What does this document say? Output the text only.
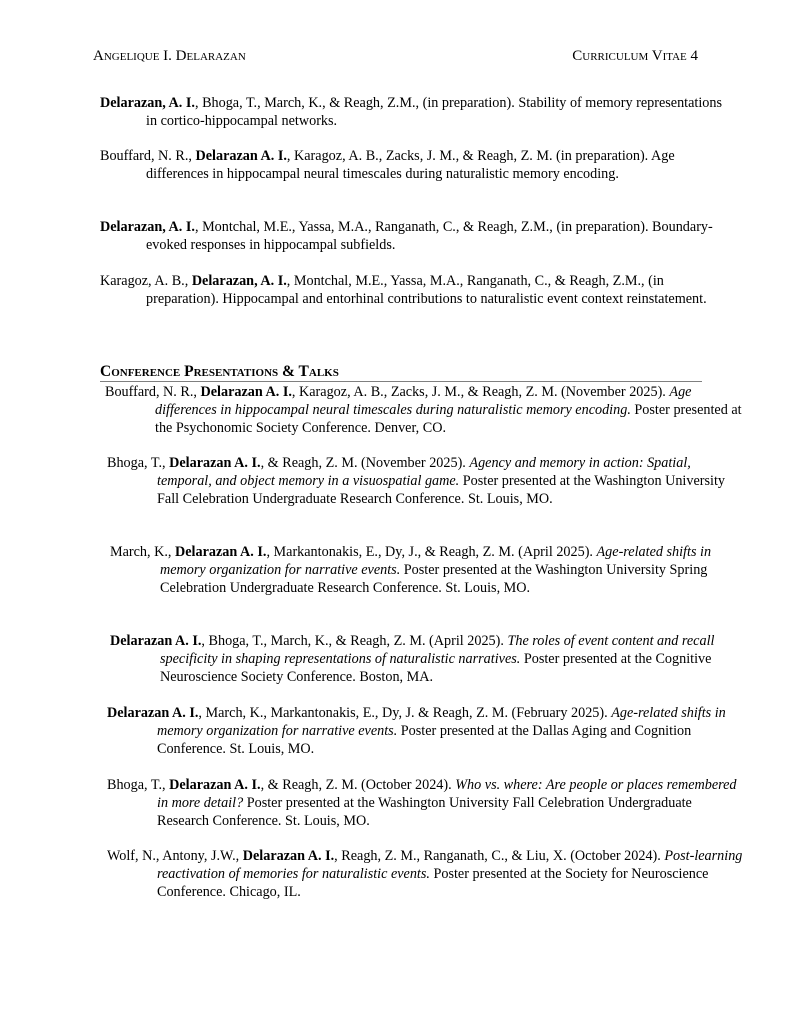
Angelique I. Delarazan	Curriculum Vitae 4

Delarazan, A. I., Bhoga, T., March, K., & Reagh, Z.M., (in preparation). Stability of memory representations in cortico-hippocampal networks.

Bouffard, N. R., Delarazan A. I., Karagoz, A. B., Zacks, J. M., & Reagh, Z. M. (in preparation). Age differences in hippocampal neural timescales during naturalistic memory encoding.

Delarazan, A. I., Montchal, M.E., Yassa, M.A., Ranganath, C., & Reagh, Z.M., (in preparation). Boundary-evoked responses in hippocampal subfields.

Karagoz, A. B., Delarazan, A. I., Montchal, M.E., Yassa, M.A., Ranganath, C., & Reagh, Z.M., (in preparation). Hippocampal and entorhinal contributions to naturalistic event context reinstatement.

Conference Presentations & Talks

Bouffard, N. R., Delarazan A. I., Karagoz, A. B., Zacks, J. M., & Reagh, Z. M. (November 2025). Age differences in hippocampal neural timescales during naturalistic memory encoding. Poster presented at the Psychonomic Society Conference. Denver, CO.

Bhoga, T., Delarazan A. I., & Reagh, Z. M. (November 2025). Agency and memory in action: Spatial, temporal, and object memory in a visuospatial game. Poster presented at the Washington University Fall Celebration Undergraduate Research Conference. St. Louis, MO.

March, K., Delarazan A. I., Markantonakis, E., Dy, J., & Reagh, Z. M. (April 2025). Age-related shifts in memory organization for narrative events. Poster presented at the Washington University Spring Celebration Undergraduate Research Conference. St. Louis, MO.

Delarazan A. I., Bhoga, T., March, K., & Reagh, Z. M. (April 2025). The roles of event content and recall specificity in shaping representations of naturalistic narratives. Poster presented at the Cognitive Neuroscience Society Conference. Boston, MA.

Delarazan A. I., March, K., Markantonakis, E., Dy, J. & Reagh, Z. M. (February 2025). Age-related shifts in memory organization for narrative events. Poster presented at the Dallas Aging and Cognition Conference. St. Louis, MO.

Bhoga, T., Delarazan A. I., & Reagh, Z. M. (October 2024). Who vs. where: Are people or places remembered in more detail? Poster presented at the Washington University Fall Celebration Undergraduate Research Conference. St. Louis, MO.

Wolf, N., Antony, J.W., Delarazan A. I., Reagh, Z. M., Ranganath, C., & Liu, X. (October 2024). Post-learning reactivation of memories for naturalistic events. Poster presented at the Society for Neuroscience Conference. Chicago, IL.
